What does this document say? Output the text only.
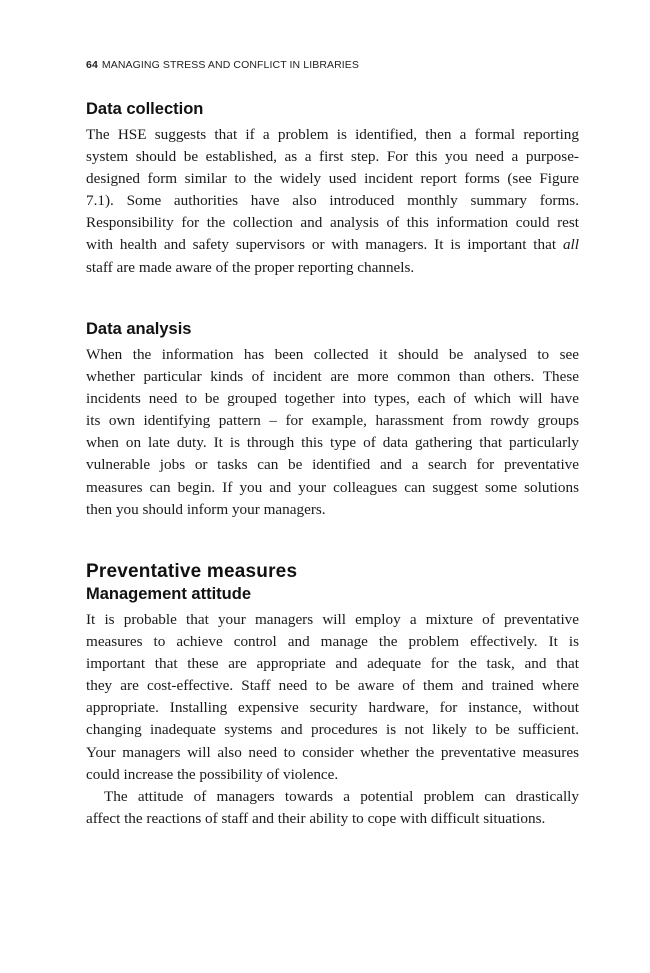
64 MANAGING STRESS AND CONFLICT IN LIBRARIES
Data collection

The HSE suggests that if a problem is identified, then a formal reporting
system should be established, as a first step. For this you need a purpose-
designed form similar to the widely used incident report forms (see Figure
7.1). Some authorities have also introduced monthly summary forms.
Responsibility for the collection and analysis of this information could rest
with health and safety supervisors or with managers. It is important that all
staff are made aware of the proper reporting channels.

Data analysis

When the information has been collected it should be analysed to see
whether particular kinds of incident are more common than others. These
incidents need to be grouped together into types, each of which will have
its own identifying pattern – for example, harassment from rowdy groups
when on late duty. It is through this type of data gathering that particularly
vulnerable jobs or tasks can be identified and a search for preventative
measures can begin. If you and your colleagues can suggest some solutions
then you should inform your managers.

Preventative measures
Management attitude

It is probable that your managers will employ a mixture of preventative
measures to achieve control and manage the problem effectively. It is
important that these are appropriate and adequate for the task, and that
they are cost-effective. Staff need to be aware of them and trained where
appropriate. Installing expensive security hardware, for instance, without
changing inadequate systems and procedures is not likely to be sufficient.
Your managers will also need to consider whether the preventative measures
could increase the possibility of violence.

The attitude of managers towards a potential problem can drastically
affect the reactions of staff and their ability to cope with difficult situations.
